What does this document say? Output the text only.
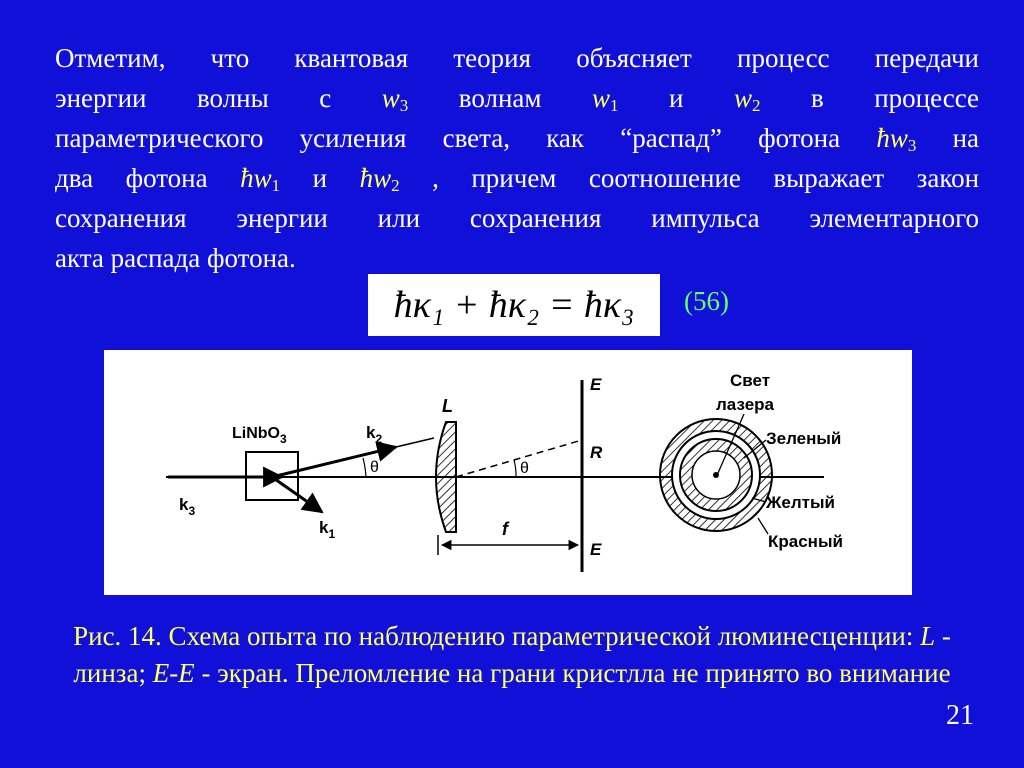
Отметим, что квантовая теория объясняет процесс передачи
энергии волны с $w_3$ волнам $w_1$ и $w_2$ в процессе
параметрического усиления света, как “распад” фотона $ħw_3$ на
два фотона $ħw_1$ и $ħw_2$ , причем соотношение выражает закон
сохранения энергии или сохранения импульса элементарного
акта распада фотона.
ħκ₁ + ħκ₂ = ħκ₃	(56)
$k_3$
LiNbO$_3$	$k_2$
$k_1$
θ
L
θ
E
E
R
f
Свет
лазера
Зеленый
Желтый
Красный
Рис. 14. Схема опыта по наблюдению параметрической люминесценции: L - линза; E-E - экран. Преломление на грани кристлла не принято во внимание
21
